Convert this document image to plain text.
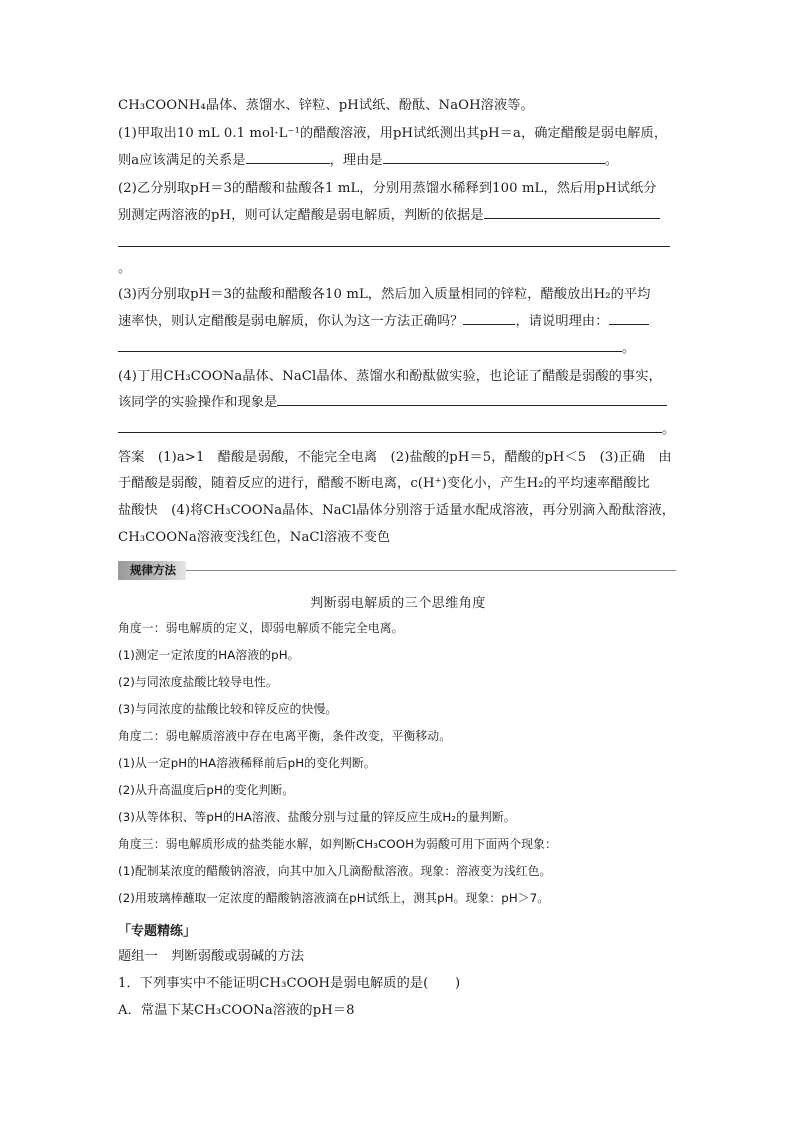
CH₃COONH₄晶体、蒸馏水、锌粒、pH试纸、酚酞、NaOH溶液等。
(1)甲取出10 mL 0.1 mol·L⁻¹的醋酸溶液，用pH试纸测出其pH＝a，确定醋酸是弱电解质，
则a应该满足的关系是	，理由是	。
(2)乙分别取pH＝3的醋酸和盐酸各1 mL，分别用蒸馏水稀释到100 mL，然后用pH试纸分
别测定两溶液的pH，则可认定醋酸是弱电解质，判断的依据是
。
(3)丙分别取pH＝3的盐酸和醋酸各10 mL，然后加入质量相同的锌粒，醋酸放出H₂的平均
速率快，则认定醋酸是弱电解质，你认为这一方法正确吗？	，请说明理由：
。
(4)丁用CH₃COONa晶体、NaCl晶体、蒸馏水和酚酞做实验，也论证了醋酸是弱酸的事实，
该同学的实验操作和现象是
。
答案　(1)a>1　醋酸是弱酸，不能完全电离　(2)盐酸的pH＝5，醋酸的pH＜5　(3)正确　由
于醋酸是弱酸，随着反应的进行，醋酸不断电离，c(H⁺)变化小，产生H₂的平均速率醋酸比
盐酸快　(4)将CH₃COONa晶体、NaCl晶体分别溶于适量水配成溶液，再分别滴入酚酞溶液，
CH₃COONa溶液变浅红色，NaCl溶液不变色
规律方法
判断弱电解质的三个思维角度
角度一：弱电解质的定义，即弱电解质不能完全电离。
(1)测定一定浓度的HA溶液的pH。
(2)与同浓度盐酸比较导电性。
(3)与同浓度的盐酸比较和锌反应的快慢。
角度二：弱电解质溶液中存在电离平衡，条件改变，平衡移动。
(1)从一定pH的HA溶液稀释前后pH的变化判断。
(2)从升高温度后pH的变化判断。
(3)从等体积、等pH的HA溶液、盐酸分别与过量的锌反应生成H₂的量判断。
角度三：弱电解质形成的盐类能水解，如判断CH₃COOH为弱酸可用下面两个现象：
(1)配制某浓度的醋酸钠溶液，向其中加入几滴酚酞溶液。现象：溶液变为浅红色。
(2)用玻璃棒蘸取一定浓度的醋酸钠溶液滴在pH试纸上，测其pH。现象：pH＞7。
「专题精练」
题组一　判断弱酸或弱碱的方法
1．下列事实中不能证明CH₃COOH是弱电解质的是(　　)
A．常温下某CH₃COONa溶液的pH＝8
